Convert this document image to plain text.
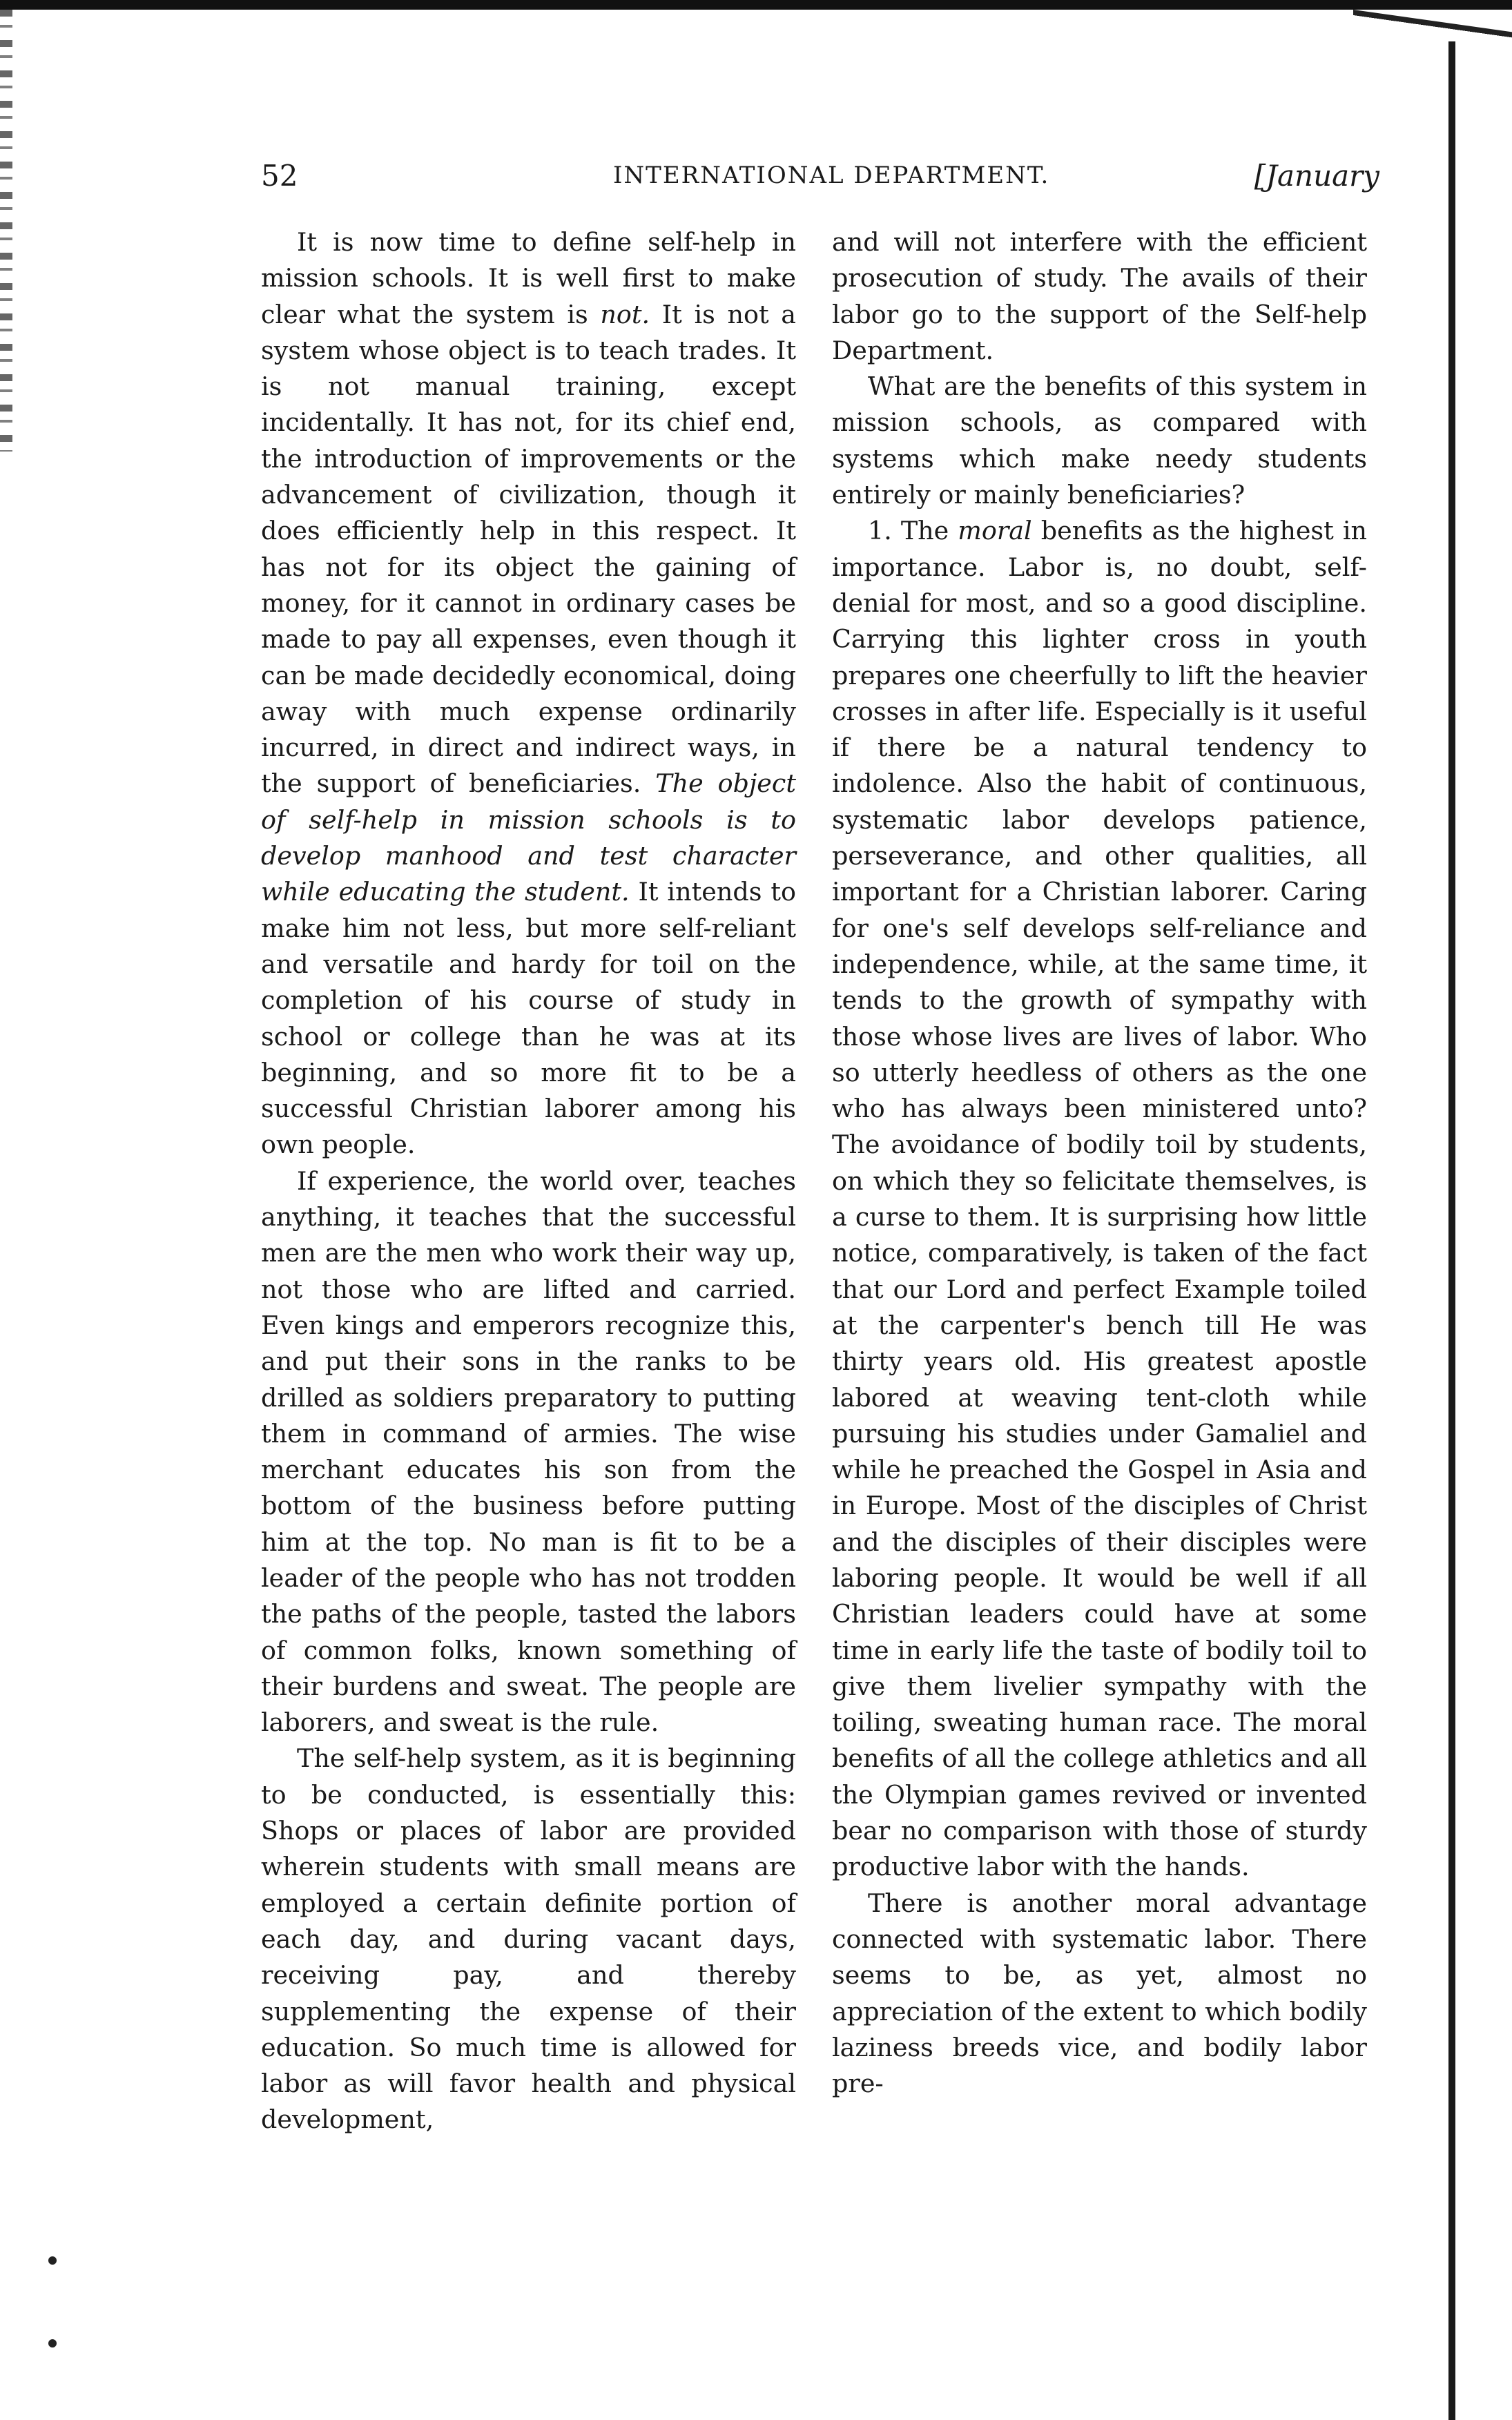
52	INTERNATIONAL DEPARTMENT.	[January

It is now time to define self-help in mission schools. It is well first to make clear what the system is not. It is not a system whose object is to teach trades. It is not manual training, except incidentally. It has not, for its chief end, the introduction of improvements or the advancement of civilization, though it does efficiently help in this respect. It has not for its object the gaining of money, for it cannot in ordinary cases be made to pay all expenses, even though it can be made decidedly economical, doing away with much expense ordinarily incurred, in direct and indirect ways, in the support of beneficiaries. The object of self-help in mission schools is to develop manhood and test character while educating the student. It intends to make him not less, but more self-reliant and versatile and hardy for toil on the completion of his course of study in school or college than he was at its beginning, and so more fit to be a successful Christian laborer among his own people.

If experience, the world over, teaches anything, it teaches that the successful men are the men who work their way up, not those who are lifted and carried. Even kings and emperors recognize this, and put their sons in the ranks to be drilled as soldiers preparatory to putting them in command of armies. The wise merchant educates his son from the bottom of the business before putting him at the top. No man is fit to be a leader of the people who has not trodden the paths of the people, tasted the labors of common folks, known something of their burdens and sweat. The people are laborers, and sweat is the rule.

The self-help system, as it is beginning to be conducted, is essentially this: Shops or places of labor are provided wherein students with small means are employed a certain definite portion of each day, and during vacant days, receiving pay, and thereby supplementing the expense of their education. So much time is allowed for labor as will favor health and physical development,

and will not interfere with the efficient prosecution of study. The avails of their labor go to the support of the Self-help Department.

What are the benefits of this system in mission schools, as compared with systems which make needy students entirely or mainly beneficiaries?

1. The moral benefits as the highest in importance. Labor is, no doubt, self-denial for most, and so a good discipline. Carrying this lighter cross in youth prepares one cheerfully to lift the heavier crosses in after life. Especially is it useful if there be a natural tendency to indolence. Also the habit of continuous, systematic labor develops patience, perseverance, and other qualities, all important for a Christian laborer. Caring for one's self develops self-reliance and independence, while, at the same time, it tends to the growth of sympathy with those whose lives are lives of labor. Who so utterly heedless of others as the one who has always been ministered unto? The avoidance of bodily toil by students, on which they so felicitate themselves, is a curse to them. It is surprising how little notice, comparatively, is taken of the fact that our Lord and perfect Example toiled at the carpenter's bench till He was thirty years old. His greatest apostle labored at weaving tent-cloth while pursuing his studies under Gamaliel and while he preached the Gospel in Asia and in Europe. Most of the disciples of Christ and the disciples of their disciples were laboring people. It would be well if all Christian leaders could have at some time in early life the taste of bodily toil to give them livelier sympathy with the toiling, sweating human race. The moral benefits of all the college athletics and all the Olympian games revived or invented bear no comparison with those of sturdy productive labor with the hands.

There is another moral advantage connected with systematic labor. There seems to be, as yet, almost no appreciation of the extent to which bodily laziness breeds vice, and bodily labor pre-
